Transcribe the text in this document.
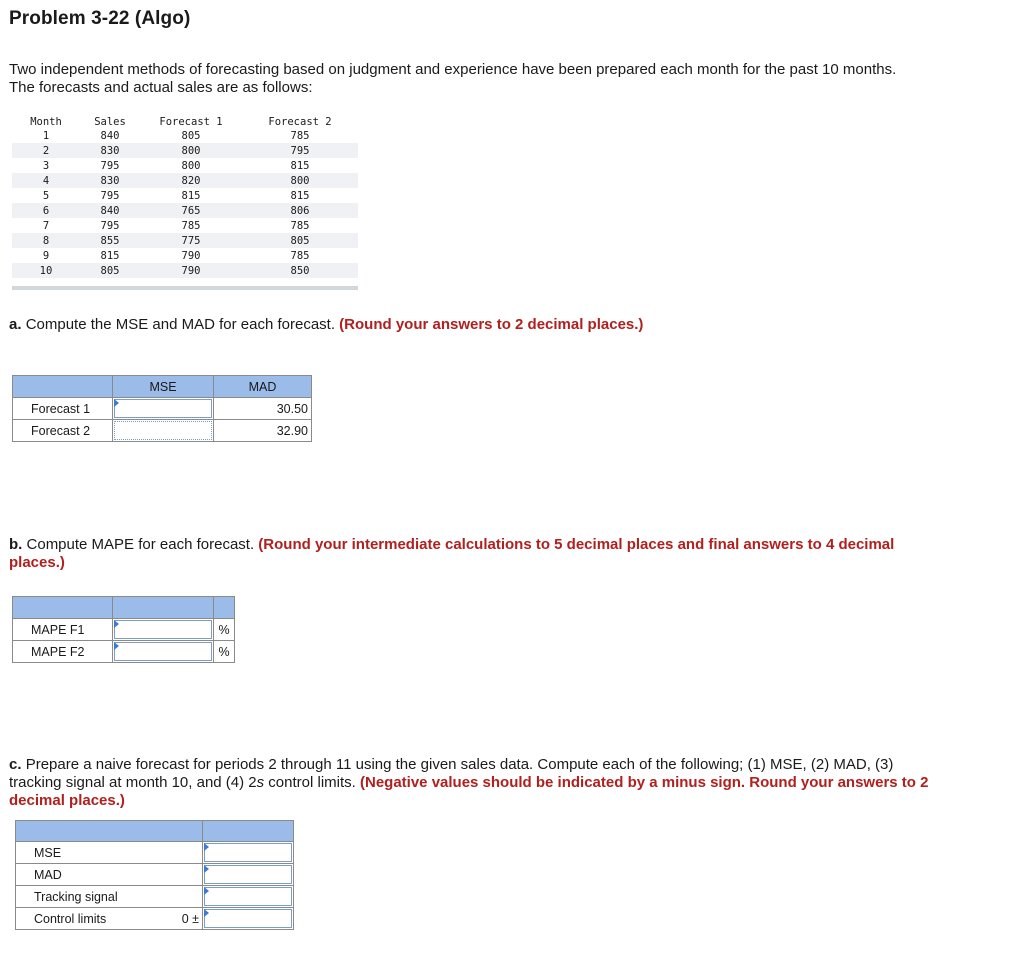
Problem 3-22 (Algo)
Two independent methods of forecasting based on judgment and experience have been prepared each month for the past 10 months.
The forecasts and actual sales are as follows:
Month	Sales	Forecast 1	Forecast 2
1	840	805	785
2	830	800	795
3	795	800	815
4	830	820	800
5	795	815	815
6	840	765	806
7	795	785	785
8	855	775	805
9	815	790	785
10	805	790	850
a. Compute the MSE and MAD for each forecast. (Round your answers to 2 decimal places.)
	MSE	MAD
Forecast 1		30.50
Forecast 2		32.90
b. Compute MAPE for each forecast. (Round your intermediate calculations to 5 decimal places and final answers to 4 decimal
places.)

MAPE F1		%
MAPE F2		%
c. Prepare a naive forecast for periods 2 through 11 using the given sales data. Compute each of the following; (1) MSE, (2) MAD, (3)
tracking signal at month 10, and (4) 2s control limits. (Negative values should be indicated by a minus sign. Round your answers to 2
decimal places.)

MSE	

MAD	

Tracking signal	

Control limits 0 ±	
